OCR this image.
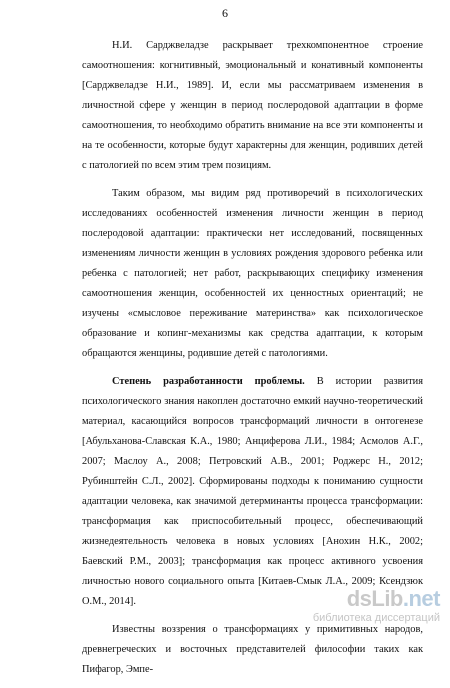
6

Н.И. Сарджвеладзе раскрывает трехкомпонентное строение самоотношения: когнитивный, эмоциональный и конативный компоненты [Сарджвеладзе Н.И., 1989]. И, если мы рассматриваем изменения в личностной сфере у женщин в период послеродовой адаптации в форме самоотношения, то необходимо обратить внимание на все эти компоненты и на те особенности, которые будут характерны для женщин, родивших детей с патологией по всем этим трем позициям.

Таким образом, мы видим ряд противоречий в психологических исследованиях особенностей изменения личности женщин в период послеродовой адаптации: практически нет исследований, посвященных изменениям личности женщин в условиях рождения здорового ребенка или ребенка с патологией; нет работ, раскрывающих специфику изменения самоотношения женщин, особенностей их ценностных ориентаций; не изучены «смысловое переживание материнства» как психологическое образование и копинг-механизмы как средства адаптации, к которым обращаются женщины, родившие детей с патологиями.

Степень разработанности проблемы. В истории развития психологического знания накоплен достаточно емкий научно-теоретический материал, касающийся вопросов трансформаций личности в онтогенезе [Абульханова-Славская К.А., 1980; Анциферова Л.И., 1984; Асмолов А.Г., 2007; Маслоу А., 2008; Петровский А.В., 2001; Роджерс Н., 2012; Рубинштейн С.Л., 2002]. Сформированы подходы к пониманию сущности адаптации человека, как значимой детерминанты процесса трансформации: трансформация как приспособительный процесс, обеспечивающий жизнедеятельность человека в новых условиях [Анохин Н.К., 2002; Баевский Р.М., 2003]; трансформация как процесс активного усвоения личностью нового социального опыта [Китаев-Смык Л.А., 2009; Ксендзюк О.М., 2014].

Известны воззрения о трансформациях у примитивных народов, древнегреческих и восточных представителей философии таких как Пифагор, Эмпе-

dsLib.net
библиотека диссертаций
